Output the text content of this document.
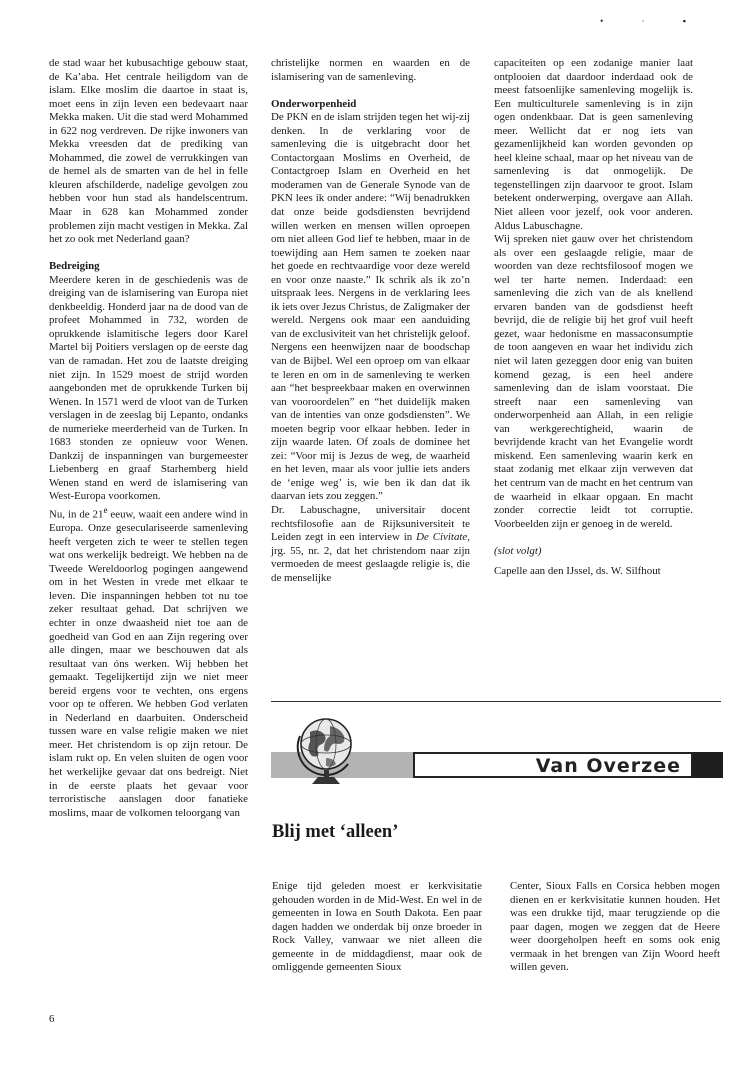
• · ▪

de stad waar het kubusachtige gebouw staat, de Ka’aba. Het centrale heiligdom van de islam. Elke moslim die daartoe in staat is, moet eens in zijn leven een bedevaart naar Mekka maken. Uit die stad werd Mohammed in 622 nog verdreven. De rijke inwoners van Mekka vreesden dat de prediking van Mohammed, die zowel de verrukkingen van de hemel als de smarten van de hel in felle kleuren afschilderde, nadelige gevolgen zou hebben voor hun stad als handelscentrum. Maar in 628 kan Mohammed zonder problemen zijn macht vestigen in Mekka. Zal het zo ook met Nederland gaan?

Bedreiging

Meerdere keren in de geschiedenis was de dreiging van de islamisering van Europa niet denkbeeldig. Honderd jaar na de dood van de profeet Mohammed in 732, worden de oprukkende islamitische legers door Karel Martel bij Poitiers verslagen op de eerste dag van de ramadan. Het zou de laatste dreiging niet zijn. In 1529 moest de strijd worden aangebonden met de oprukkende Turken bij Wenen. In 1571 werd de vloot van de Turken verslagen in de zeeslag bij Lepanto, ondanks de numerieke meerderheid van de Turken. In 1683 stonden ze opnieuw voor Wenen. Dankzij de inspanningen van burgemeester Liebenberg en graaf Starhemberg hield Wenen stand en werd de islamisering van West-Europa voorkomen.

Nu, in de 21e eeuw, waait een andere wind in Europa. Onze geseculariseerde samenleving heeft vergeten zich te weer te stellen tegen wat ons werkelijk bedreigt. We hebben na de Tweede Wereldoorlog pogingen aangewend om in het Westen in vrede met elkaar te leven. Die inspanningen hebben tot nu toe zeker resultaat gehad. Dat schrijven we echter in onze dwaasheid niet toe aan de goedheid van God en aan Zijn regering over alle dingen, maar we beschouwen dat als resultaat van óns werken. Wij hebben het gemaakt. Tegelijkertijd zijn we niet meer bereid ergens voor te vechten, ons ergens voor op te offeren. We hebben God verlaten in Nederland en daarbuiten. Onderscheid tussen ware en valse religie maken we niet meer. Het christendom is op zijn retour. De islam rukt op. En velen sluiten de ogen voor het werkelijke gevaar dat ons bedreigt. Niet in de eerste plaats het gevaar voor terroristische aanslagen door fanatieke moslims, maar de volkomen teloorgang van

christelijke normen en waarden en de islamisering van de samenleving.

Onderworpenheid

De PKN en de islam strijden tegen het wij-zij denken. In de verklaring voor de samenleving die is uitgebracht door het Contactorgaan Moslims en Overheid, de Contactgroep Islam en Overheid en het moderamen van de Generale Synode van de PKN lees ik onder andere: “Wij benadrukken dat onze beide godsdiensten bevrijdend willen werken en mensen willen oproepen om niet alleen God lief te hebben, maar in de toewijding aan Hem samen te zoeken naar het goede en rechtvaardige voor deze wereld en voor onze naaste.” Ik schrik als ik zo’n uitspraak lees. Nergens in de verklaring lees ik iets over Jezus Christus, de Zaligmaker der wereld. Nergens ook maar een aanduiding van de exclusiviteit van het christelijk geloof. Nergens een heenwijzen naar de boodschap van de Bijbel. Wel een oproep om van elkaar te leren en om in de samenleving te werken aan “het bespreekbaar maken en overwinnen van vooroordelen” en “het duidelijk maken van de intenties van onze godsdiensten”. We moeten begrip voor elkaar hebben. Ieder in zijn waarde laten. Of zoals de dominee het zei: “Voor mij is Jezus de weg, de waarheid en het leven, maar als voor jullie iets anders de ‘enige weg’ is, wie ben ik dan dat ik daarvan iets zou zeggen.”

Dr. Labuschagne, universitair docent rechtsfilosofie aan de Rijksuniversiteit te Leiden zegt in een interview in De Civitate, jrg. 55, nr. 2, dat het christendom naar zijn vermoeden de meest geslaagde religie is, die de menselijke

capaciteiten op een zodanige manier laat ontplooien dat daardoor inderdaad ook de meest fatsoenlijke samenleving mogelijk is. Een multiculturele samenleving is in zijn ogen ondenkbaar. Dat is geen samenleving meer. Wellicht dat er nog iets van gezamenlijkheid kan worden gevonden op heel kleine schaal, maar op het niveau van de samenleving is dat onmogelijk. De tegenstellingen zijn daarvoor te groot. Islam betekent onderwerping, overgave aan Allah. Niet alleen voor jezelf, ook voor anderen. Aldus Labuschagne.

Wij spreken niet gauw over het christendom als over een geslaagde religie, maar de woorden van deze rechtsfilosoof mogen we wel ter harte nemen. Inderdaad: een samenleving die zich van de als knellend ervaren banden van de godsdienst heeft bevrijd, die de religie bij het grof vuil heeft gezet, waar hedonisme en massaconsumptie de toon aangeven en waar het individu zich niet wil laten gezeggen door enig van buiten komend gezag, is een heel andere samenleving dan de islam voorstaat. Die streeft naar een samenleving van onderworpenheid aan Allah, in een religie van werkgerechtigheid, waarin de bevrijdende kracht van het Evangelie wordt miskend. Een samenleving waarin kerk en staat zodanig met elkaar zijn verweven dat het centrum van de macht en het centrum van de waarheid in elkaar opgaan. En macht zonder correctie leidt tot corruptie. Voorbeelden zijn er genoeg in de wereld.

(slot volgt)

Capelle aan den IJssel, ds. W. Silfhout

Van Overzee
Blij met ‘alleen’

Enige tijd geleden moest er kerkvisitatie gehouden worden in de Mid-West. En wel in de gemeenten in Iowa en South Dakota. Een paar dagen hadden we onderdak bij onze broeder in Rock Valley, vanwaar we niet alleen die gemeente in de middagdienst, maar ook de omliggende gemeenten Sioux

Center, Sioux Falls en Corsica hebben mogen dienen en er kerkvisitatie kunnen houden. Het was een drukke tijd, maar terugziende op die paar dagen, mogen we zeggen dat de Heere weer doorgeholpen heeft en soms ook enig vermaak in het brengen van Zijn Woord heeft willen geven.

6
